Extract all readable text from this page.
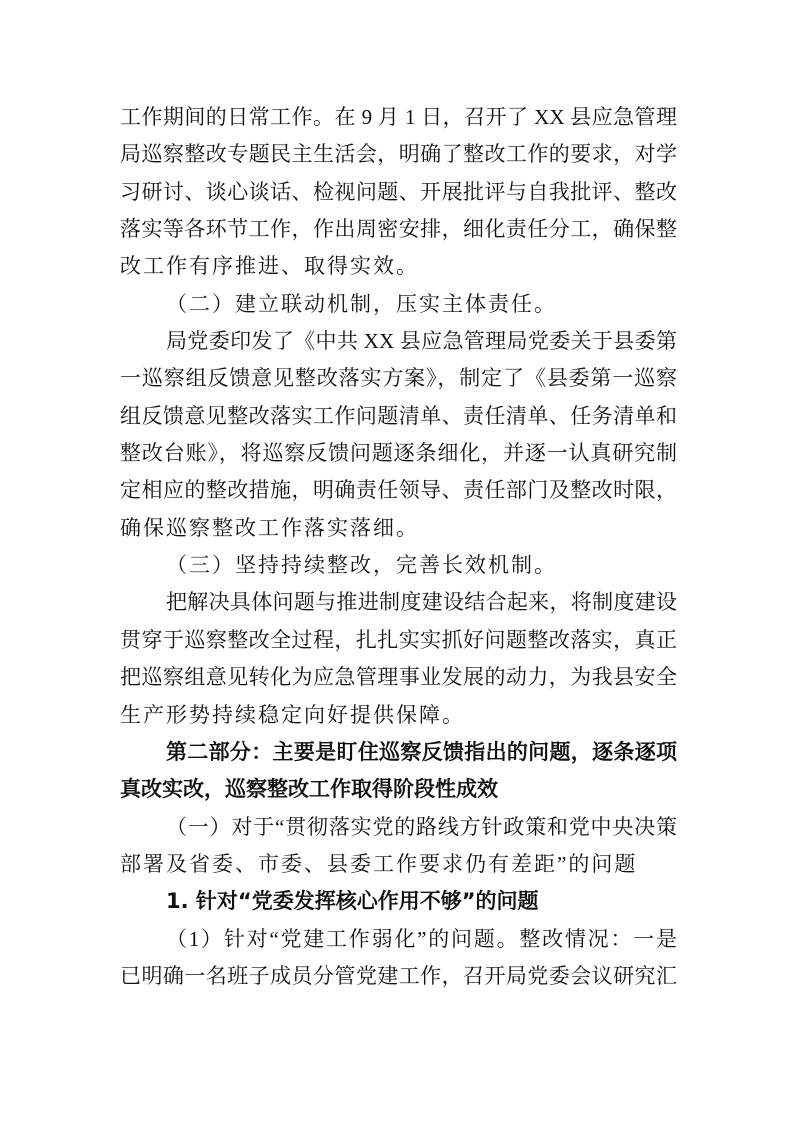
工作期间的日常工作。在 9 月 1 日，召开了 XX 县应急管理
局巡察整改专题民主生活会，明确了整改工作的要求，对学
习研讨、谈心谈话、检视问题、开展批评与自我批评、整改
落实等各环节工作，作出周密安排，细化责任分工，确保整
改工作有序推进、取得实效。
（二）建立联动机制，压实主体责任。
局党委印发了《中共 XX 县应急管理局党委关于县委第
一巡察组反馈意见整改落实方案》，制定了《县委第一巡察
组反馈意见整改落实工作问题清单、责任清单、任务清单和
整改台账》，将巡察反馈问题逐条细化，并逐一认真研究制
定相应的整改措施，明确责任领导、责任部门及整改时限，
确保巡察整改工作落实落细。
（三）坚持持续整改，完善长效机制。
把解决具体问题与推进制度建设结合起来，将制度建设
贯穿于巡察整改全过程，扎扎实实抓好问题整改落实，真正
把巡察组意见转化为应急管理事业发展的动力，为我县安全
生产形势持续稳定向好提供保障。
第二部分：主要是盯住巡察反馈指出的问题，逐条逐项
真改实改，巡察整改工作取得阶段性成效
（一）对于“贯彻落实党的路线方针政策和党中央决策
部署及省委、市委、县委工作要求仍有差距”的问题
1. 针对“党委发挥核心作用不够”的问题
（1）针对“党建工作弱化”的问题。整改情况：一是
已明确一名班子成员分管党建工作，召开局党委会议研究汇
